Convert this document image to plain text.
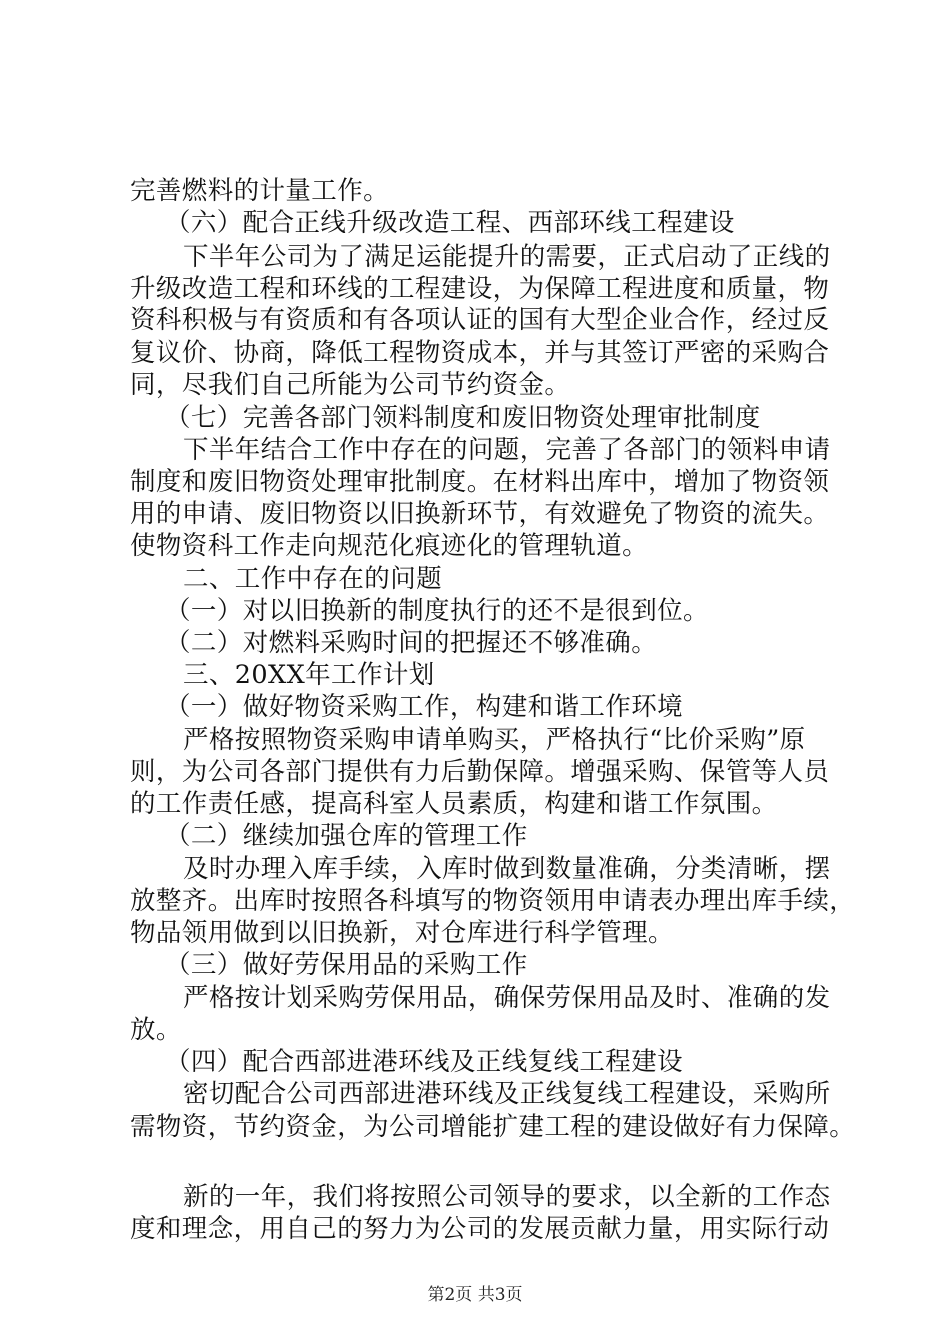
完善燃料的计量工作。
（六）配合正线升级改造工程、西部环线工程建设
下半年公司为了满足运能提升的需要，正式启动了正线的
升级改造工程和环线的工程建设，为保障工程进度和质量，物
资科积极与有资质和有各项认证的国有大型企业合作，经过反
复议价、协商，降低工程物资成本，并与其签订严密的采购合
同，尽我们自己所能为公司节约资金。
（七）完善各部门领料制度和废旧物资处理审批制度
下半年结合工作中存在的问题，完善了各部门的领料申请
制度和废旧物资处理审批制度。在材料出库中，增加了物资领
用的申请、废旧物资以旧换新环节，有效避免了物资的流失。
使物资科工作走向规范化痕迹化的管理轨道。
二、工作中存在的问题
（一）对以旧换新的制度执行的还不是很到位。
（二）对燃料采购时间的把握还不够准确。
三、20XX年工作计划
（一）做好物资采购工作，构建和谐工作环境
严格按照物资采购申请单购买，严格执行“比价采购”原
则，为公司各部门提供有力后勤保障。增强采购、保管等人员
的工作责任感，提高科室人员素质，构建和谐工作氛围。
（二）继续加强仓库的管理工作
及时办理入库手续，入库时做到数量准确，分类清晰，摆
放整齐。出库时按照各科填写的物资领用申请表办理出库手续，
物品领用做到以旧换新，对仓库进行科学管理。
（三）做好劳保用品的采购工作
严格按计划采购劳保用品，确保劳保用品及时、准确的发
放。
（四）配合西部进港环线及正线复线工程建设
密切配合公司西部进港环线及正线复线工程建设，采购所
需物资，节约资金，为公司增能扩建工程的建设做好有力保障。
新的一年，我们将按照公司领导的要求，以全新的工作态
度和理念，用自己的努力为公司的发展贡献力量，用实际行动
第2页 共3页
